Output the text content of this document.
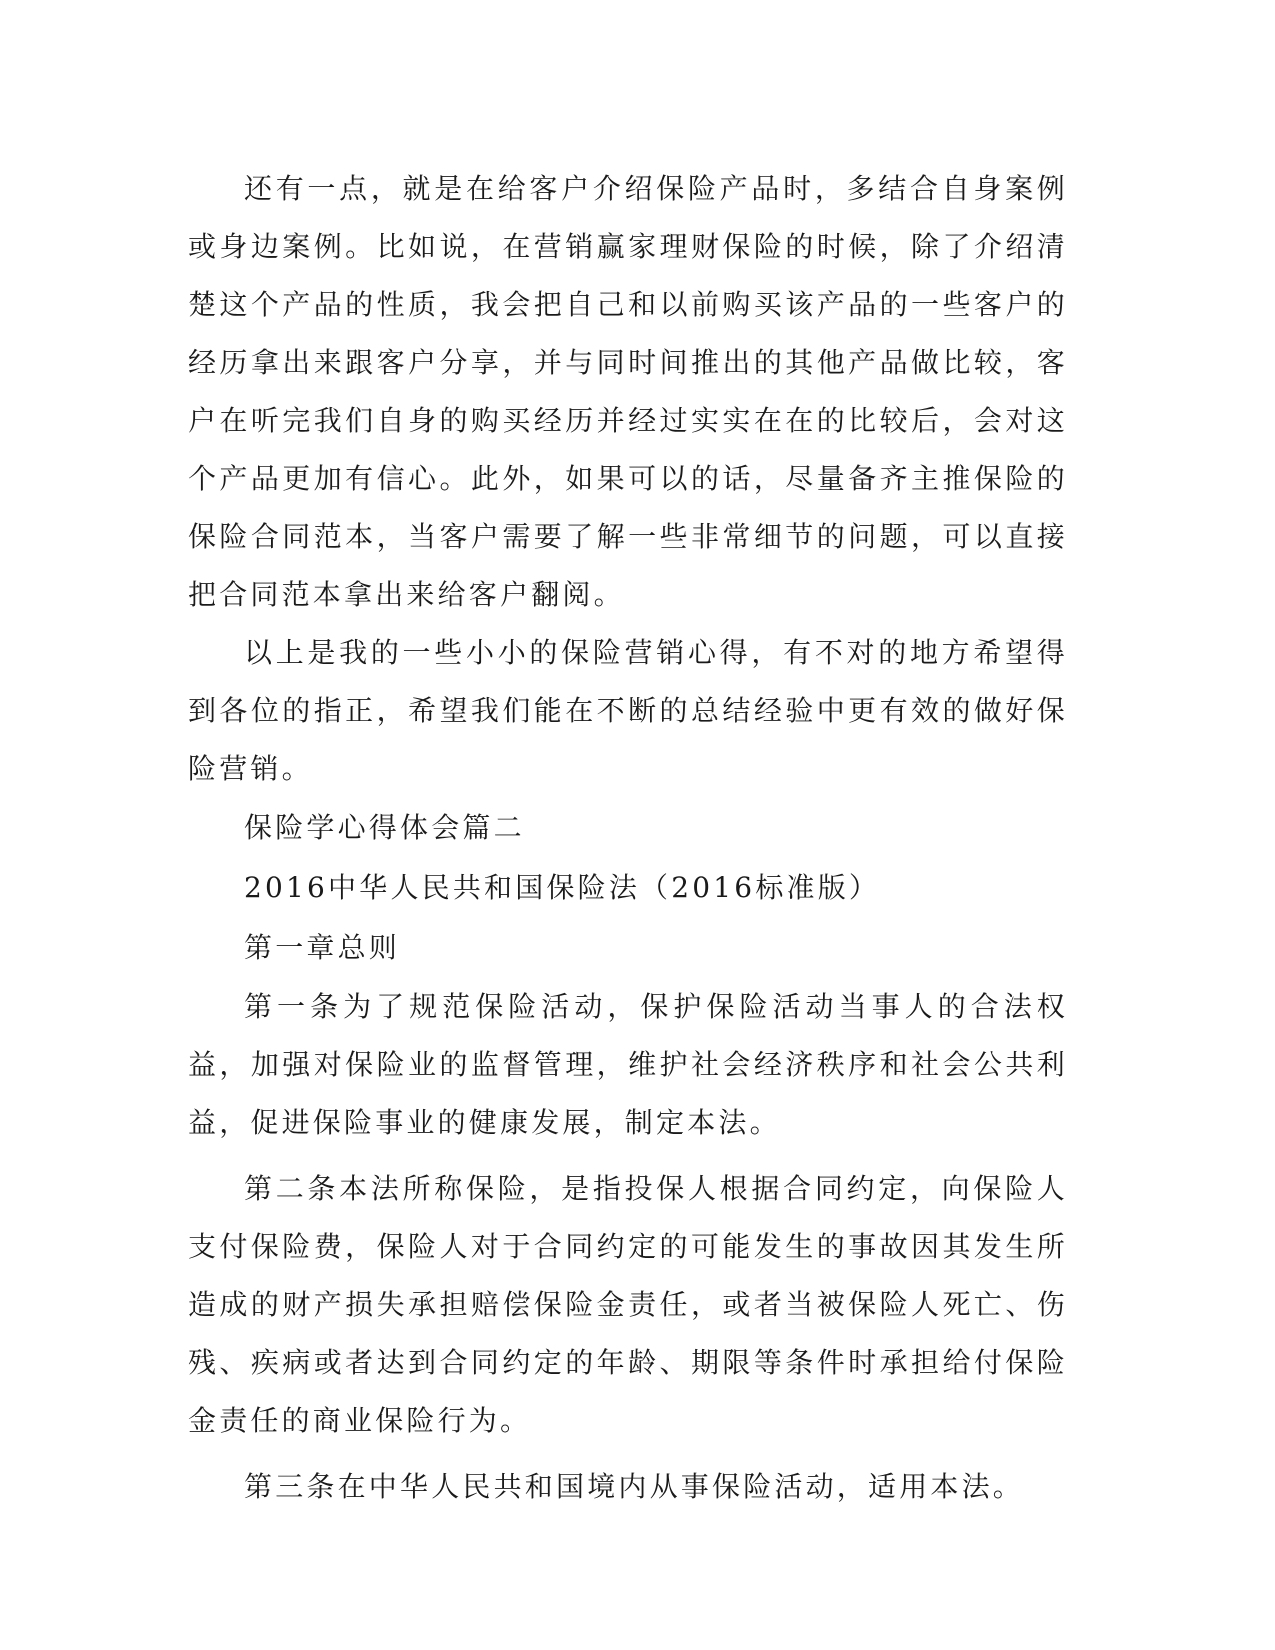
还有一点，就是在给客户介绍保险产品时，多结合自身案例或身边案例。比如说，在营销赢家理财保险的时候，除了介绍清楚这个产品的性质，我会把自己和以前购买该产品的一些客户的经历拿出来跟客户分享，并与同时间推出的其他产品做比较，客户在听完我们自身的购买经历并经过实实在在的比较后，会对这个产品更加有信心。此外，如果可以的话，尽量备齐主推保险的保险合同范本，当客户需要了解一些非常细节的问题，可以直接把合同范本拿出来给客户翻阅。

以上是我的一些小小的保险营销心得，有不对的地方希望得到各位的指正，希望我们能在不断的总结经验中更有效的做好保险营销。

保险学心得体会篇二

2016中华人民共和国保险法（2016标准版）

第一章总则

第一条为了规范保险活动，保护保险活动当事人的合法权益，加强对保险业的监督管理，维护社会经济秩序和社会公共利益，促进保险事业的健康发展，制定本法。

第二条本法所称保险，是指投保人根据合同约定，向保险人支付保险费，保险人对于合同约定的可能发生的事故因其发生所造成的财产损失承担赔偿保险金责任，或者当被保险人死亡、伤残、疾病或者达到合同约定的年龄、期限等条件时承担给付保险金责任的商业保险行为。

第三条在中华人民共和国境内从事保险活动，适用本法。
